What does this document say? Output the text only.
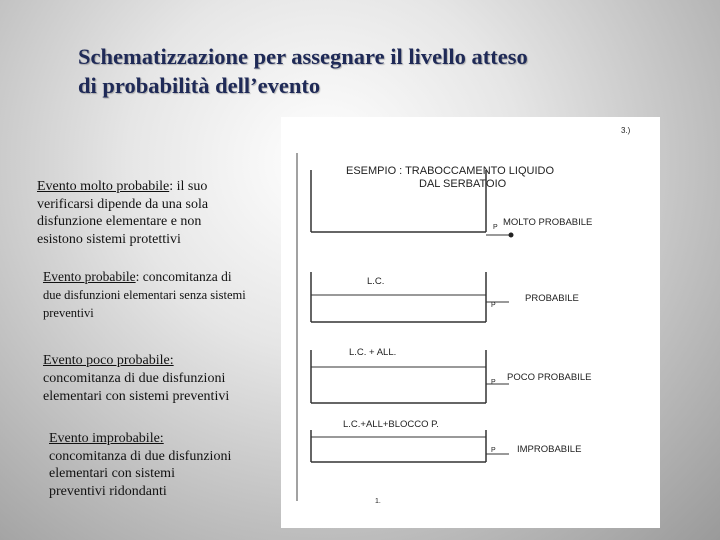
Schematizzazione per assegnare il livello atteso
di probabilità dell’evento
Evento molto probabile: il suo
verificarsi dipende da una sola
disfunzione elementare e non
esistono sistemi protettivi
Evento probabile: concomitanza di
due disfunzioni elementari senza sistemi
preventivi
Evento poco probabile:
concomitanza di due disfunzioni
elementari con sistemi preventivi
Evento improbabile:
concomitanza di due disfunzioni
elementari con sistemi
preventivi ridondanti
3.)
ESEMPIO : TRABOCCAMENTO LIQUIDO
DAL SERBATOIO
P MOLTO PROBABILE
L.C.
P
PROBABILE
L.C. + ALL.
P POCO PROBABILE
L.C.+ALL+BLOCCO P.
P IMPROBABILE
1.
